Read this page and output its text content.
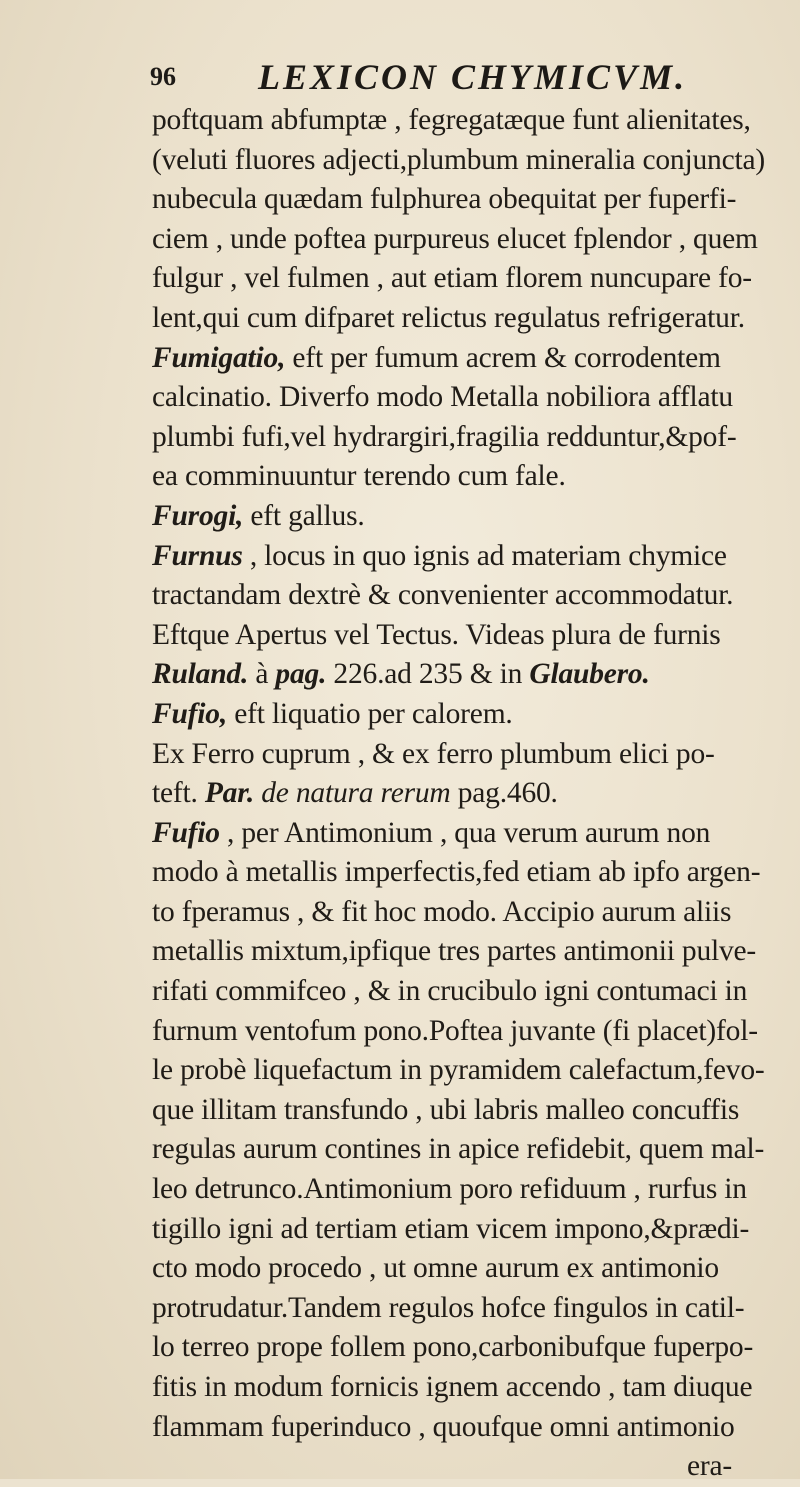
96 LEXICON CHYMICVM.
poftquam abfumptæ , fegregatæque funt alienitates,
(veluti fluores adjecti,plumbum mineralia conjuncta)
nubecula quædam fulphurea obequitat per fuperfi-
ciem , unde poftea purpureus elucet fplendor , quem
fulgur , vel fulmen , aut etiam florem nuncupare fo-
lent,qui cum difparet relictus regulatus refrigeratur.
Fumigatio, eft per fumum acrem & corrodentem
calcinatio. Diverfo modo Metalla nobiliora afflatu
plumbi fufi,vel hydrargiri,fragilia redduntur,&pof-
ea comminuuntur terendo cum fale.
Furogi, eft gallus.
Furnus , locus in quo ignis ad materiam chymice
tractandam dextrè & convenienter accommodatur.
Eftque Apertus vel Tectus. Videas plura de furnis
Ruland. à pag. 226.ad 235 & in Glaubero.
Fufio, eft liquatio per calorem.
Ex Ferro cuprum , & ex ferro plumbum elici po-
teft. Par. de natura rerum pag.460.
Fufio , per Antimonium , qua verum aurum non
modo à metallis imperfectis,fed etiam ab ipfo argen-
to fperamus , & fit hoc modo. Accipio aurum aliis
metallis mixtum,ipfique tres partes antimonii pulve-
rifati commifceo , & in crucibulo igni contumaci in
furnum ventofum pono.Poftea juvante (fi placet)fol-
le probè liquefactum in pyramidem calefactum,fevo-
que illitam transfundo , ubi labris malleo concuffis
regulas aurum contines in apice refidebit, quem mal-
leo detrunco.Antimonium poro refiduum , rurfus in
tigillo igni ad tertiam etiam vicem impono,&prædi-
cto modo procedo , ut omne aurum ex antimonio
protrudatur.Tandem regulos hofce fingulos in catil-
lo terreo prope follem pono,carbonibufque fuperpo-
fitis in modum fornicis ignem accendo , tam diuque
flammam fuperinduco , quoufque omni antimonio
era-
